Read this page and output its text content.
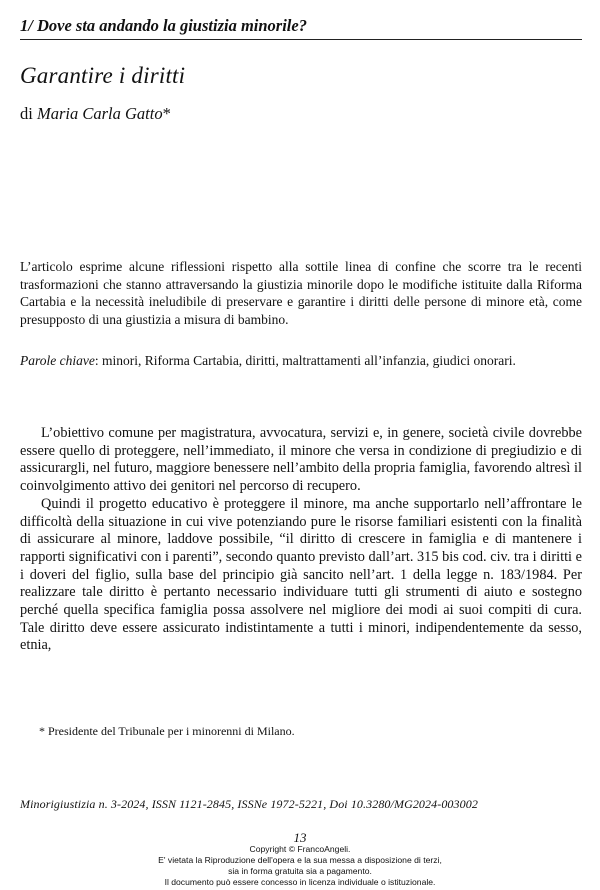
1/ Dove sta andando la giustizia minorile?
Garantire i diritti
di Maria Carla Gatto*
L’articolo esprime alcune riflessioni rispetto alla sottile linea di confine che scorre tra le recenti trasformazioni che stanno attraversando la giustizia minorile dopo le modifiche istituite dalla Riforma Cartabia e la necessità ineludibile di preservare e garantire i diritti delle persone di minore età, come presupposto di una giustizia a misura di bambino.
Parole chiave: minori, Riforma Cartabia, diritti, maltrattamenti all’infanzia, giudici onorari.

L’obiettivo comune per magistratura, avvocatura, servizi e, in genere, società civile dovrebbe essere quello di proteggere, nell’immediato, il minore che versa in condizione di pregiudizio e di assicurargli, nel futuro, maggiore benessere nell’ambito della propria famiglia, favorendo altresì il coinvolgimento attivo dei genitori nel percorso di recupero.

Quindi il progetto educativo è proteggere il minore, ma anche supportarlo nell’affrontare le difficoltà della situazione in cui vive potenziando pure le risorse familiari esistenti con la finalità di assicurare al minore, laddove possibile, “il diritto di crescere in famiglia e di mantenere i rapporti significativi con i parenti”, secondo quanto previsto dall’art. 315 bis cod. civ. tra i diritti e i doveri del figlio, sulla base del principio già sancito nell’art. 1 della legge n. 183/1984. Per realizzare tale diritto è pertanto necessario individuare tutti gli strumenti di aiuto e sostegno perché quella specifica famiglia possa assolvere nel migliore dei modi ai suoi compiti di cura. Tale diritto deve essere assicurato indistintamente a tutti i minori, indipendentemente da sesso, etnia,

* Presidente del Tribunale per i minorenni di Milano.
Minorigiustizia n. 3-2024, ISSN 1121-2845, ISSNe 1972-5221, Doi 10.3280/MG2024-003002
13
Copyright © FrancoAngeli.
E' vietata la Riproduzione dell'opera e la sua messa a disposizione di terzi,
sia in forma gratuita sia a pagamento.
Il documento può essere concesso in licenza individuale o istituzionale.
